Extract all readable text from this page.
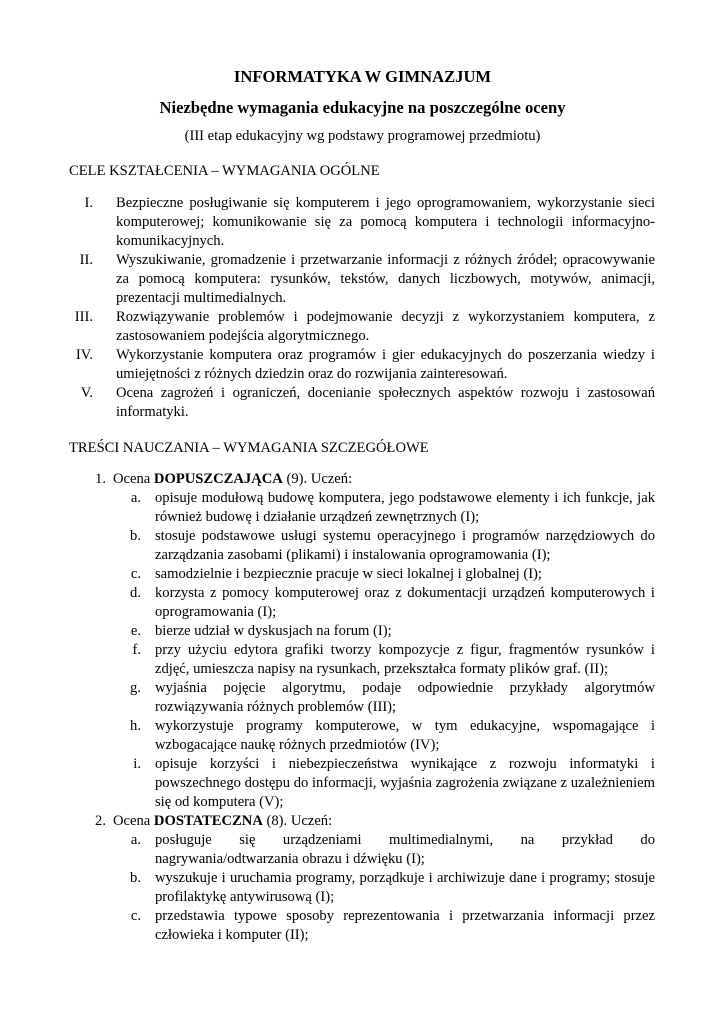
INFORMATYKA W GIMNAZJUM
Niezbędne wymagania edukacyjne na poszczególne oceny

(III etap edukacyjny wg podstawy programowej przedmiotu)

CELE KSZTAŁCENIA – WYMAGANIA OGÓLNE

I. Bezpieczne posługiwanie się komputerem i jego oprogramowaniem, wykorzystanie sieci komputerowej; komunikowanie się za pomocą komputera i technologii informacyjno-komunikacyjnych.
II. Wyszukiwanie, gromadzenie i przetwarzanie informacji z różnych źródeł; opracowywanie za pomocą komputera: rysunków, tekstów, danych liczbowych, motywów, animacji, prezentacji multimedialnych.
III. Rozwiązywanie problemów i podejmowanie decyzji z wykorzystaniem komputera, z zastosowaniem podejścia algorytmicznego.
IV. Wykorzystanie komputera oraz programów i gier edukacyjnych do poszerzania wiedzy i umiejętności z różnych dziedzin oraz do rozwijania zainteresowań.
V. Ocena zagrożeń i ograniczeń, docenianie społecznych aspektów rozwoju i zastosowań informatyki.

TREŚCI NAUCZANIA – WYMAGANIA SZCZEGÓŁOWE

1. Ocena DOPUSZCZAJĄCA (9). Uczeń:
a. opisuje modułową budowę komputera, jego podstawowe elementy i ich funkcje, jak również budowę i działanie urządzeń zewnętrznych (I);
b. stosuje podstawowe usługi systemu operacyjnego i programów narzędziowych do zarządzania zasobami (plikami) i instalowania oprogramowania (I);
c. samodzielnie i bezpiecznie pracuje w sieci lokalnej i globalnej (I);
d. korzysta z pomocy komputerowej oraz z dokumentacji urządzeń komputerowych i oprogramowania (I);
e. bierze udział w dyskusjach na forum (I);
f. przy użyciu edytora grafiki tworzy kompozycje z figur, fragmentów rysunków i zdjęć, umieszcza napisy na rysunkach, przekształca formaty plików graf. (II);
g. wyjaśnia pojęcie algorytmu, podaje odpowiednie przykłady algorytmów rozwiązywania różnych problemów (III);
h. wykorzystuje programy komputerowe, w tym edukacyjne, wspomagające i wzbogacające naukę różnych przedmiotów (IV);
i. opisuje korzyści i niebezpieczeństwa wynikające z rozwoju informatyki i powszechnego dostępu do informacji, wyjaśnia zagrożenia związane z uzależnieniem się od komputera (V);
2. Ocena DOSTATECZNA (8). Uczeń:
a. posługuje się urządzeniami multimedialnymi, na przykład do nagrywania/odtwarzania obrazu i dźwięku (I);
b. wyszukuje i uruchamia programy, porządkuje i archiwizuje dane i programy; stosuje profilaktykę antywirusową (I);
c. przedstawia typowe sposoby reprezentowania i przetwarzania informacji przez człowieka i komputer (II);
